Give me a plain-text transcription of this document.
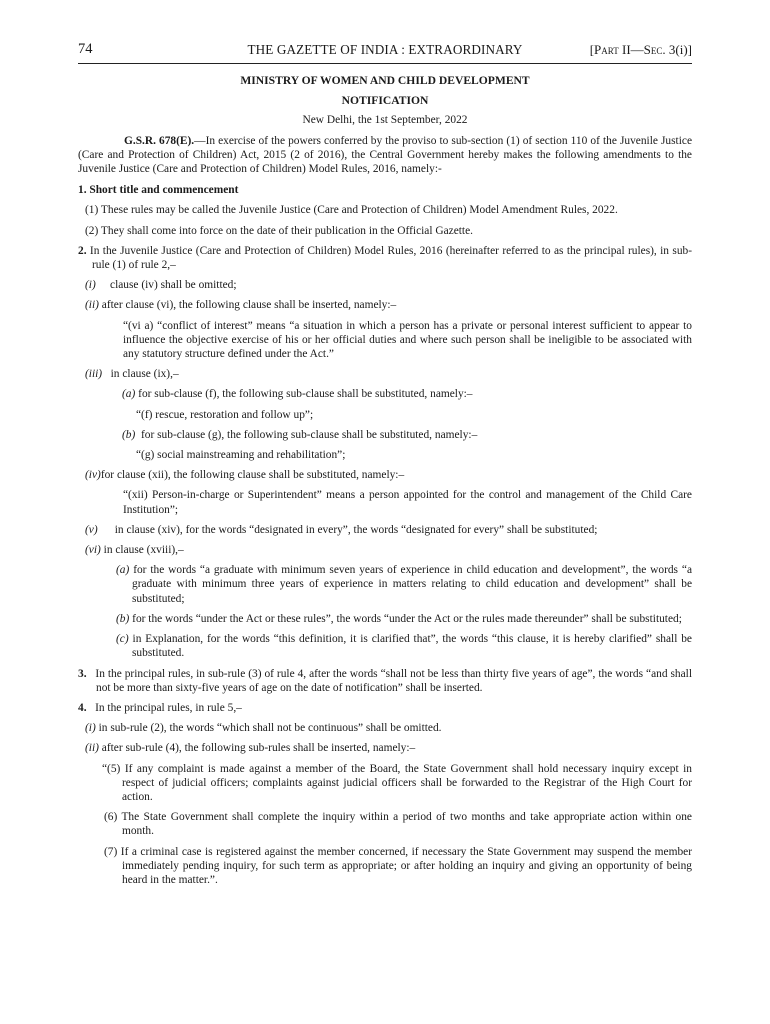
74	THE GAZETTE OF INDIA : EXTRAORDINARY	[Part II—Sec. 3(i)]

MINISTRY OF WOMEN AND CHILD DEVELOPMENT

NOTIFICATION

New Delhi, the 1st September, 2022

G.S.R. 678(E).—In exercise of the powers conferred by the proviso to sub-section (1) of section 110 of the Juvenile Justice (Care and Protection of Children) Act, 2015 (2 of 2016), the Central Government hereby makes the following amendments to the Juvenile Justice (Care and Protection of Children) Model Rules, 2016, namely:-

1. Short title and commencement

(1) These rules may be called the Juvenile Justice (Care and Protection of Children) Model Amendment Rules, 2022.

(2) They shall come into force on the date of their publication in the Official Gazette.

2. In the Juvenile Justice (Care and Protection of Children) Model Rules, 2016 (hereinafter referred to as the principal rules), in sub-rule (1) of rule 2,–

(i) clause (iv) shall be omitted;

(ii) after clause (vi), the following clause shall be inserted, namely:–

“(vi a) “conflict of interest” means “a situation in which a person has a private or personal interest sufficient to appear to influence the objective exercise of his or her official duties and where such person shall be ineligible to be associated with any statutory structure defined under the Act.”

(iii) in clause (ix),–

(a) for sub-clause (f), the following sub-clause shall be substituted, namely:–

“(f) rescue, restoration and follow up”;

(b) for sub-clause (g), the following sub-clause shall be substituted, namely:–

“(g) social mainstreaming and rehabilitation”;

(iv)for clause (xii), the following clause shall be substituted, namely:–

“(xii) Person-in-charge or Superintendent” means a person appointed for the control and management of the Child Care Institution”;

(v) in clause (xiv), for the words “designated in every”, the words “designated for every” shall be substituted;

(vi) in clause (xviii),–

(a) for the words “a graduate with minimum seven years of experience in child education and development”, the words “a graduate with minimum three years of experience in matters relating to child education and development” shall be substituted;

(b) for the words “under the Act or these rules”, the words “under the Act or the rules made thereunder” shall be substituted;

(c) in Explanation, for the words “this definition, it is clarified that”, the words “this clause, it is hereby clarified” shall be substituted.

3. In the principal rules, in sub-rule (3) of rule 4, after the words “shall not be less than thirty five years of age”, the words “and shall not be more than sixty-five years of age on the date of notification” shall be inserted.

4. In the principal rules, in rule 5,–

(i) in sub-rule (2), the words “which shall not be continuous” shall be omitted.

(ii) after sub-rule (4), the following sub-rules shall be inserted, namely:–

“(5) If any complaint is made against a member of the Board, the State Government shall hold necessary inquiry except in respect of judicial officers; complaints against judicial officers shall be forwarded to the Registrar of the High Court for action.

(6) The State Government shall complete the inquiry within a period of two months and take appropriate action within one month.

(7) If a criminal case is registered against the member concerned, if necessary the State Government may suspend the member immediately pending inquiry, for such term as appropriate; or after holding an inquiry and giving an opportunity of being heard in the matter.”.
